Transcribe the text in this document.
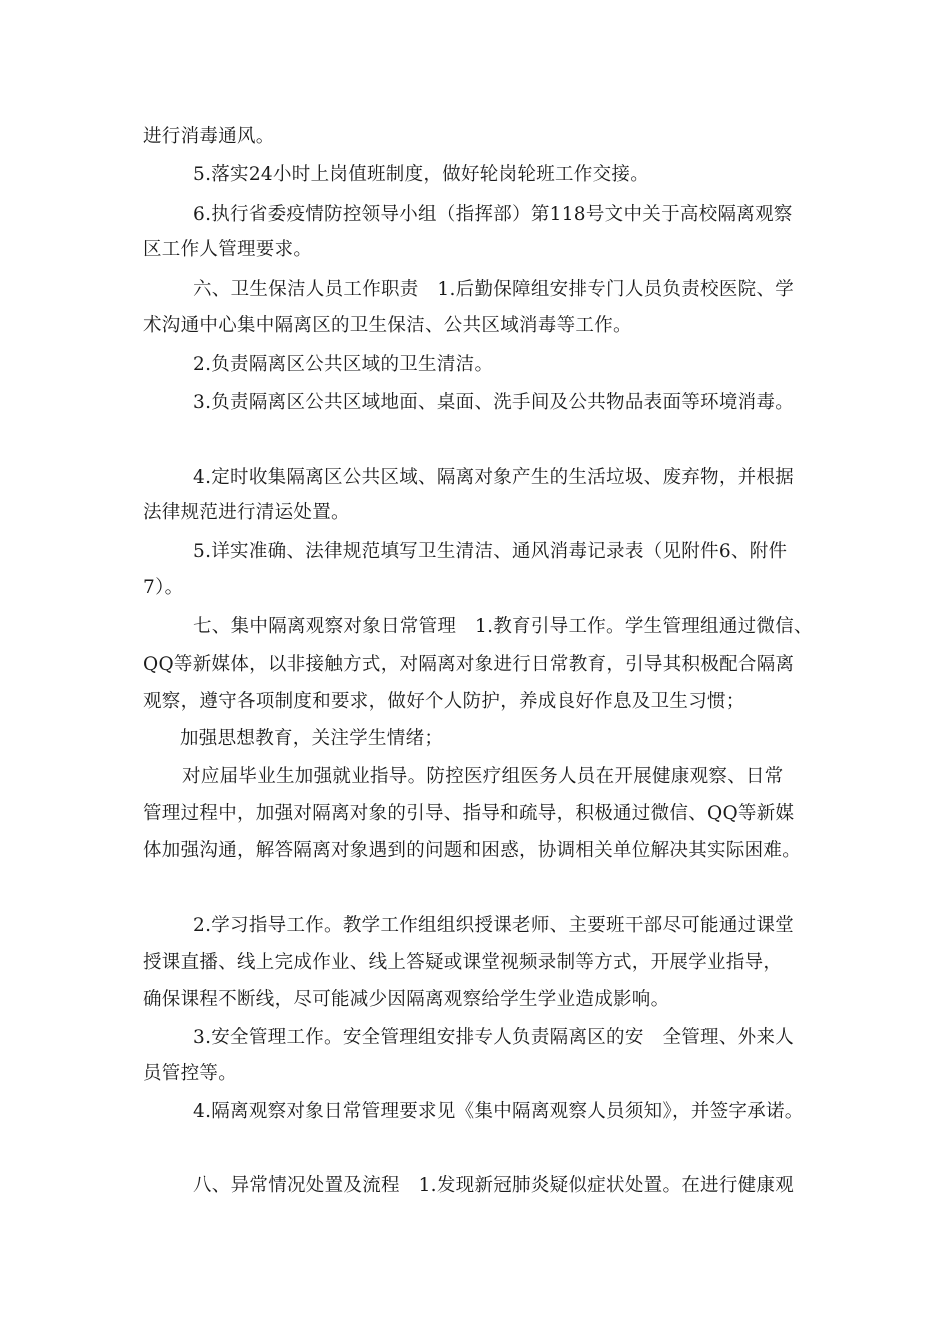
进行消毒通风。
5.落实24小时上岗值班制度，做好轮岗轮班工作交接。
6.执行省委疫情防控领导小组（指挥部）第118号文中关于高校隔离观察
区工作人管理要求。
六、卫生保洁人员工作职责　1.后勤保障组安排专门人员负责校医院、学
术沟通中心集中隔离区的卫生保洁、公共区域消毒等工作。
2.负责隔离区公共区域的卫生清洁。
3.负责隔离区公共区域地面、桌面、洗手间及公共物品表面等环境消毒。
4.定时收集隔离区公共区域、隔离对象产生的生活垃圾、废弃物，并根据
法律规范进行清运处置。
5.详实准确、法律规范填写卫生清洁、通风消毒记录表（见附件6、附件
7）。
七、集中隔离观察对象日常管理　1.教育引导工作。学生管理组通过微信、
QQ等新媒体，以非接触方式，对隔离对象进行日常教育，引导其积极配合隔离
观察，遵守各项制度和要求，做好个人防护，养成良好作息及卫生习惯；
加强思想教育，关注学生情绪；
对应届毕业生加强就业指导。防控医疗组医务人员在开展健康观察、日常
管理过程中，加强对隔离对象的引导、指导和疏导，积极通过微信、QQ等新媒
体加强沟通，解答隔离对象遇到的问题和困惑，协调相关单位解决其实际困难。
2.学习指导工作。教学工作组组织授课老师、主要班干部尽可能通过课堂
授课直播、线上完成作业、线上答疑或课堂视频录制等方式，开展学业指导，
确保课程不断线，尽可能减少因隔离观察给学生学业造成影响。
3.安全管理工作。安全管理组安排专人负责隔离区的安　全管理、外来人
员管控等。
4.隔离观察对象日常管理要求见《集中隔离观察人员须知》，并签字承诺。
八、异常情况处置及流程　1.发现新冠肺炎疑似症状处置。在进行健康观
